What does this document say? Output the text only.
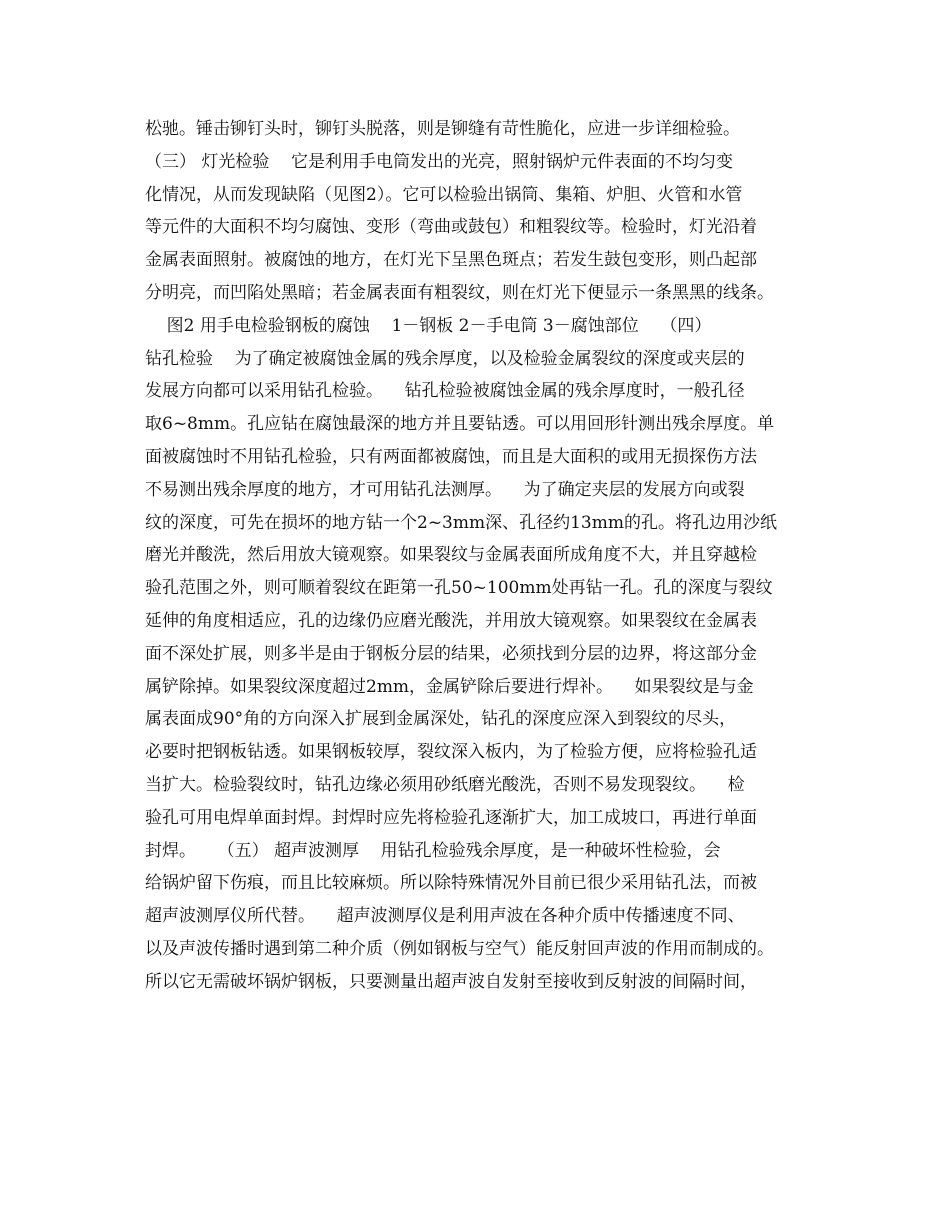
松驰。锤击铆钉头时，铆钉头脱落，则是铆缝有苛性脆化，应进一步详细检验。
（三） 灯光检验    它是利用手电筒发出的光亮，照射锅炉元件表面的不均匀变
化情况，从而发现缺陷（见图2）。它可以检验出锅筒、集箱、炉胆、火管和水管
等元件的大面积不均匀腐蚀、变形（弯曲或鼓包）和粗裂纹等。检验时，灯光沿着
金属表面照射。被腐蚀的地方，在灯光下呈黑色斑点；若发生鼓包变形，则凸起部
分明亮，而凹陷处黑暗；若金属表面有粗裂纹，则在灯光下便显示一条黑黑的线条。
图2 用手电检验钢板的腐蚀    1－钢板 2－手电筒 3－腐蚀部位    （四）
钻孔检验    为了确定被腐蚀金属的残余厚度，以及检验金属裂纹的深度或夹层的
发展方向都可以采用钻孔检验。    钻孔检验被腐蚀金属的残余厚度时，一般孔径
取6~8mm。孔应钻在腐蚀最深的地方并且要钻透。可以用回形针测出残余厚度。单
面被腐蚀时不用钻孔检验，只有两面都被腐蚀，而且是大面积的或用无损探伤方法
不易测出残余厚度的地方，才可用钻孔法测厚。    为了确定夹层的发展方向或裂
纹的深度，可先在损坏的地方钻一个2~3mm深、孔径约13mm的孔。将孔边用沙纸
磨光并酸洗，然后用放大镜观察。如果裂纹与金属表面所成角度不大，并且穿越检
验孔范围之外，则可顺着裂纹在距第一孔50~100mm处再钻一孔。孔的深度与裂纹
延伸的角度相适应，孔的边缘仍应磨光酸洗，并用放大镜观察。如果裂纹在金属表
面不深处扩展，则多半是由于钢板分层的结果，必须找到分层的边界，将这部分金
属铲除掉。如果裂纹深度超过2mm，金属铲除后要进行焊补。    如果裂纹是与金
属表面成90°角的方向深入扩展到金属深处，钻孔的深度应深入到裂纹的尽头，
必要时把钢板钻透。如果钢板较厚，裂纹深入板内，为了检验方便，应将检验孔适
当扩大。检验裂纹时，钻孔边缘必须用砂纸磨光酸洗，否则不易发现裂纹。    检
验孔可用电焊单面封焊。封焊时应先将检验孔逐渐扩大，加工成坡口，再进行单面
封焊。    （五） 超声波测厚    用钻孔检验残余厚度，是一种破坏性检验，会
给锅炉留下伤痕，而且比较麻烦。所以除特殊情况外目前已很少采用钻孔法，而被
超声波测厚仪所代替。    超声波测厚仪是利用声波在各种介质中传播速度不同、
以及声波传播时遇到第二种介质（例如钢板与空气）能反射回声波的作用而制成的。
所以它无需破坏锅炉钢板，只要测量出超声波自发射至接收到反射波的间隔时间，
